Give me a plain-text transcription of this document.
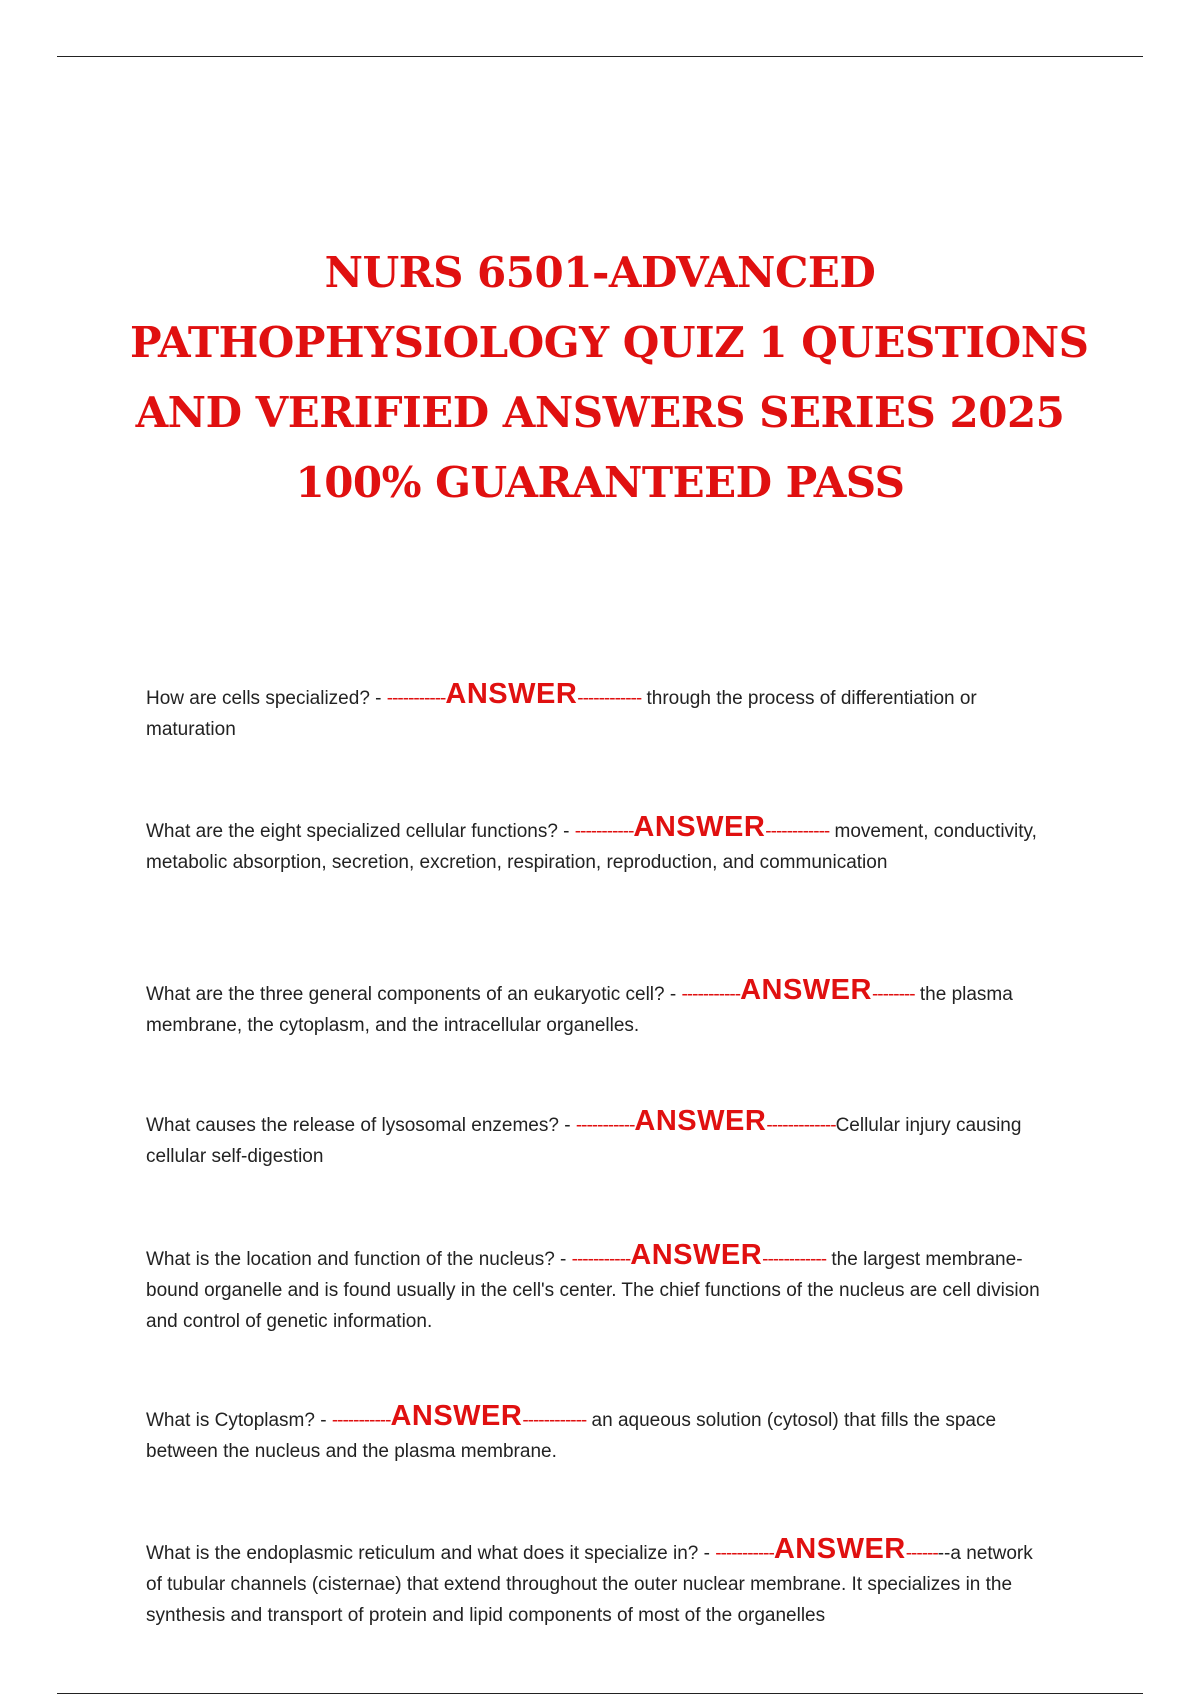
NURS 6501-ADVANCED
PATHOPHYSIOLOGY QUIZ 1 QUESTIONS
AND VERIFIED ANSWERS SERIES 2025
100% GUARANTEED PASS
How are cells specialized? - -----------ANSWER------------ through the process of differentiation or maturation
What are the eight specialized cellular functions? - -----------ANSWER------------ movement, conductivity, metabolic absorption, secretion, excretion, respiration, reproduction, and communication
What are the three general components of an eukaryotic cell? - -----------ANSWER-------- the plasma membrane, the cytoplasm, and the intracellular organelles.
What causes the release of lysosomal enzemes? - -----------ANSWER-------------Cellular injury causing cellular self-digestion
What is the location and function of the nucleus? - -----------ANSWER------------ the largest membrane-bound organelle and is found usually in the cell's center. The chief functions of the nucleus are cell division and control of genetic information.
What is Cytoplasm? - -----------ANSWER------------ an aqueous solution (cytosol) that fills the space between the nucleus and the plasma membrane.
What is the endoplasmic reticulum and what does it specialize in? - -----------ANSWER--------a network of tubular channels (cisternae) that extend throughout the outer nuclear membrane. It specializes in the synthesis and transport of protein and lipid components of most of the organelles
